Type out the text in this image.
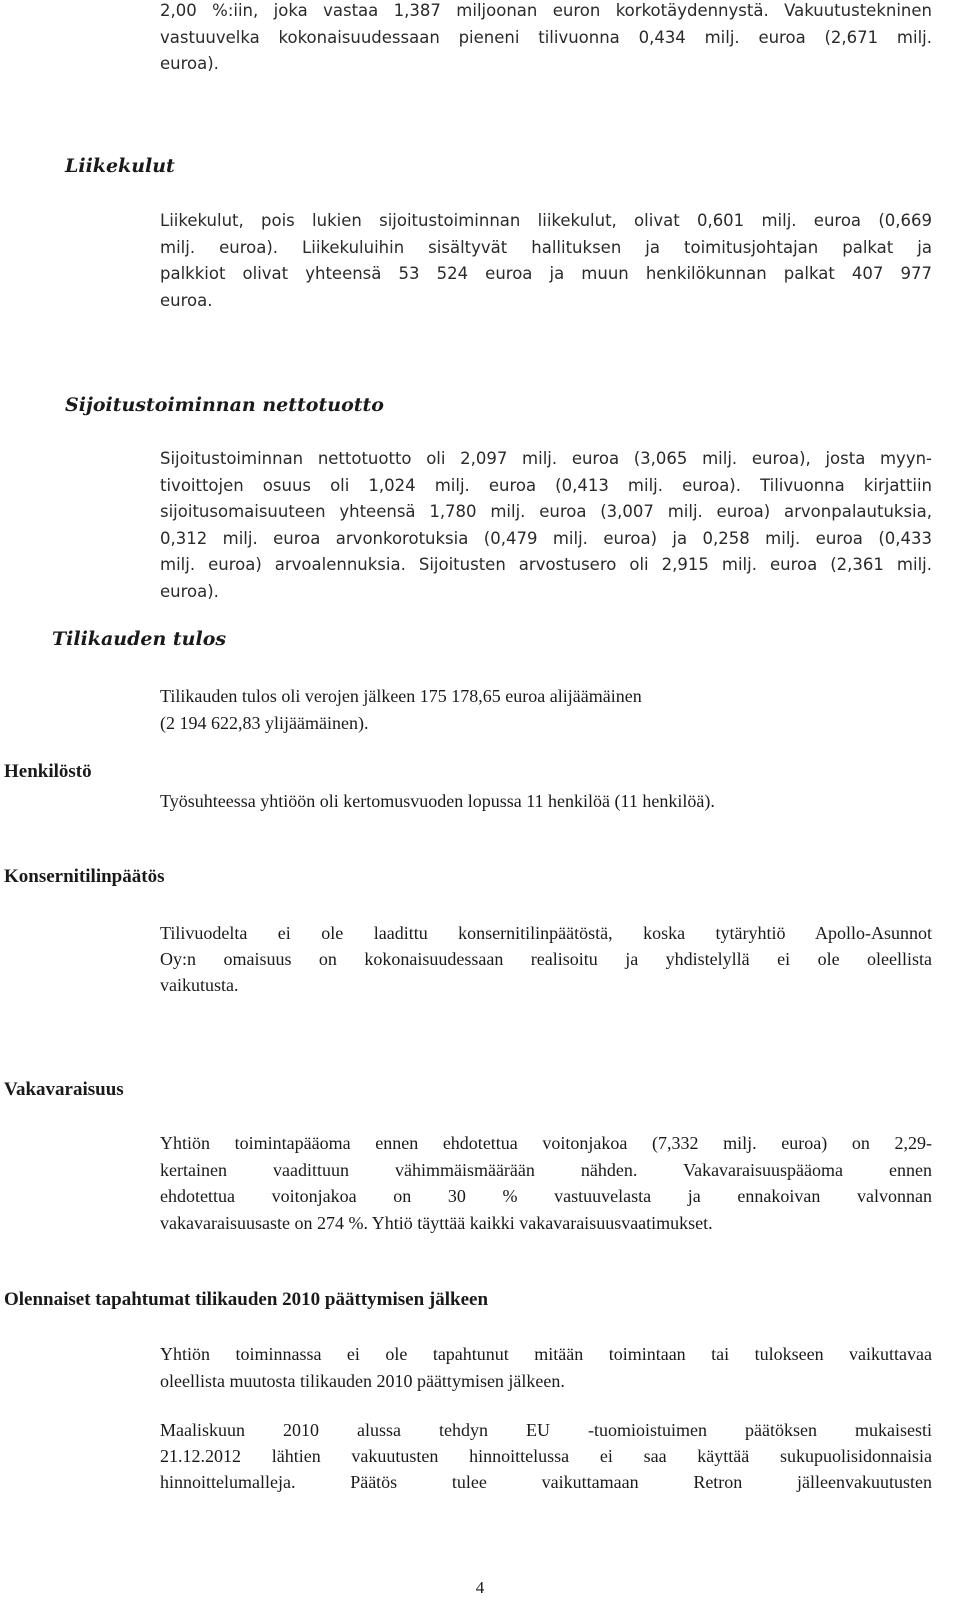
2,00 %:iin, joka vastaa 1,387 miljoonan euron korkotäydennystä. Vakuutustekninen
vastuuvelka kokonaisuudessaan pieneni tilivuonna 0,434 milj. euroa (2,671 milj.
euroa).

Liikekulut

Liikekulut, pois lukien sijoitustoiminnan liikekulut, olivat 0,601 milj. euroa (0,669
milj. euroa). Liikekuluihin sisältyvät hallituksen ja toimitusjohtajan palkat ja
palkkiot olivat yhteensä 53 524 euroa ja muun henkilökunnan palkat 407 977
euroa.

Sijoitustoiminnan nettotuotto

Sijoitustoiminnan nettotuotto oli 2,097 milj. euroa (3,065 milj. euroa), josta myyn-
tivoittojen osuus oli 1,024 milj. euroa (0,413 milj. euroa). Tilivuonna kirjattiin
sijoitusomaisuuteen yhteensä 1,780 milj. euroa (3,007 milj. euroa) arvonpalautuksia,
0,312 milj. euroa arvonkorotuksia (0,479 milj. euroa) ja 0,258 milj. euroa (0,433
milj. euroa) arvoalennuksia. Sijoitusten arvostusero oli 2,915 milj. euroa (2,361 milj.
euroa).

Tilikauden tulos

Tilikauden tulos oli verojen jälkeen 175 178,65 euroa alijäämäinen
(2 194 622,83 ylijäämäinen).

Henkilöstö

Työsuhteessa yhtiöön oli kertomusvuoden lopussa 11 henkilöä (11 henkilöä).

Konsernitilinpäätös

Tilivuodelta ei ole laadittu konsernitilinpäätöstä, koska tytäryhtiö Apollo-Asunnot
Oy:n omaisuus on kokonaisuudessaan realisoitu ja yhdistelyllä ei ole oleellista
vaikutusta.

Vakavaraisuus

Yhtiön toimintapääoma ennen ehdotettua voitonjakoa (7,332 milj. euroa) on 2,29-
kertainen vaadittuun vähimmäismäärään nähden. Vakavaraisuuspääoma ennen
ehdotettua voitonjakoa on 30 % vastuuvelasta ja ennakoivan valvonnan
vakavaraisuusaste on 274 %. Yhtiö täyttää kaikki vakavaraisuusvaatimukset.

Olennaiset tapahtumat tilikauden 2010 päättymisen jälkeen

Yhtiön toiminnassa ei ole tapahtunut mitään toimintaan tai tulokseen vaikuttavaa
oleellista muutosta tilikauden 2010 päättymisen jälkeen.

Maaliskuun 2010 alussa tehdyn EU -tuomioistuimen päätöksen mukaisesti
21.12.2012 lähtien vakuutusten hinnoittelussa ei saa käyttää sukupuolisidonnaisia
hinnoittelumalleja. Päätös tulee vaikuttamaan Retron jälleenvakuutusten

4
